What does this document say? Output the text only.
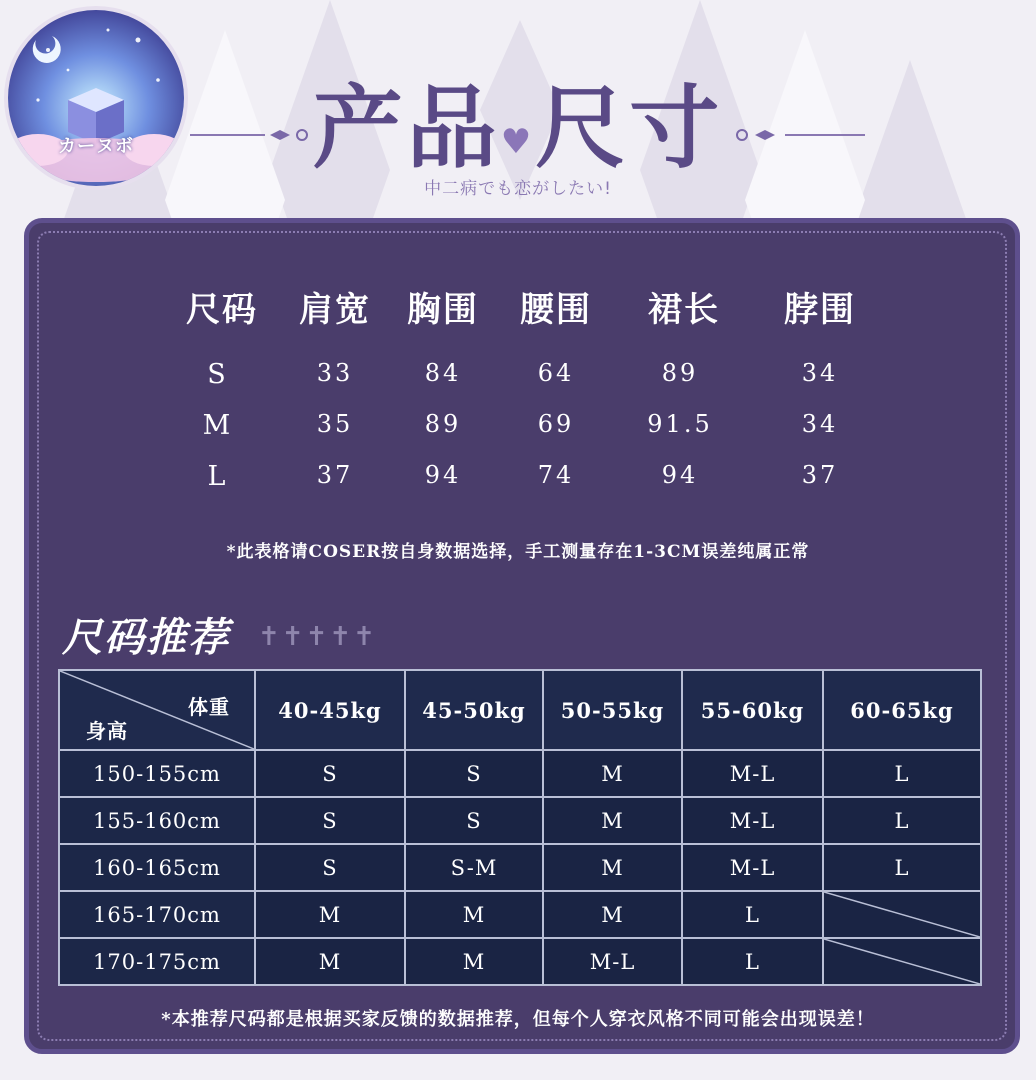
カーヌボ	产品♥尺寸
中二病でも恋がしたい!
尺码 肩宽 胸围 腰围 裙长 脖围
S	33	84	64	89	34
M	35	89	69	91.5	34
L	37	94	74	94	37
*此表格请COSER按自身数据选择，手工测量存在1-3CM误差纯属正常
尺码推荐 ✝✝✝✝✝
体重
身高	40-45kg	45-50kg	50-55kg	55-60kg	60-65kg
150-155cm	S	S	M	M-L	L
155-160cm	S	S	M	M-L	L
160-165cm	S	S-M	M	M-L	L
165-170cm	M	M	M	L	

170-175cm	M	M	M-L	L	
*本推荐尺码都是根据买家反馈的数据推荐，但每个人穿衣风格不同可能会出现误差！
